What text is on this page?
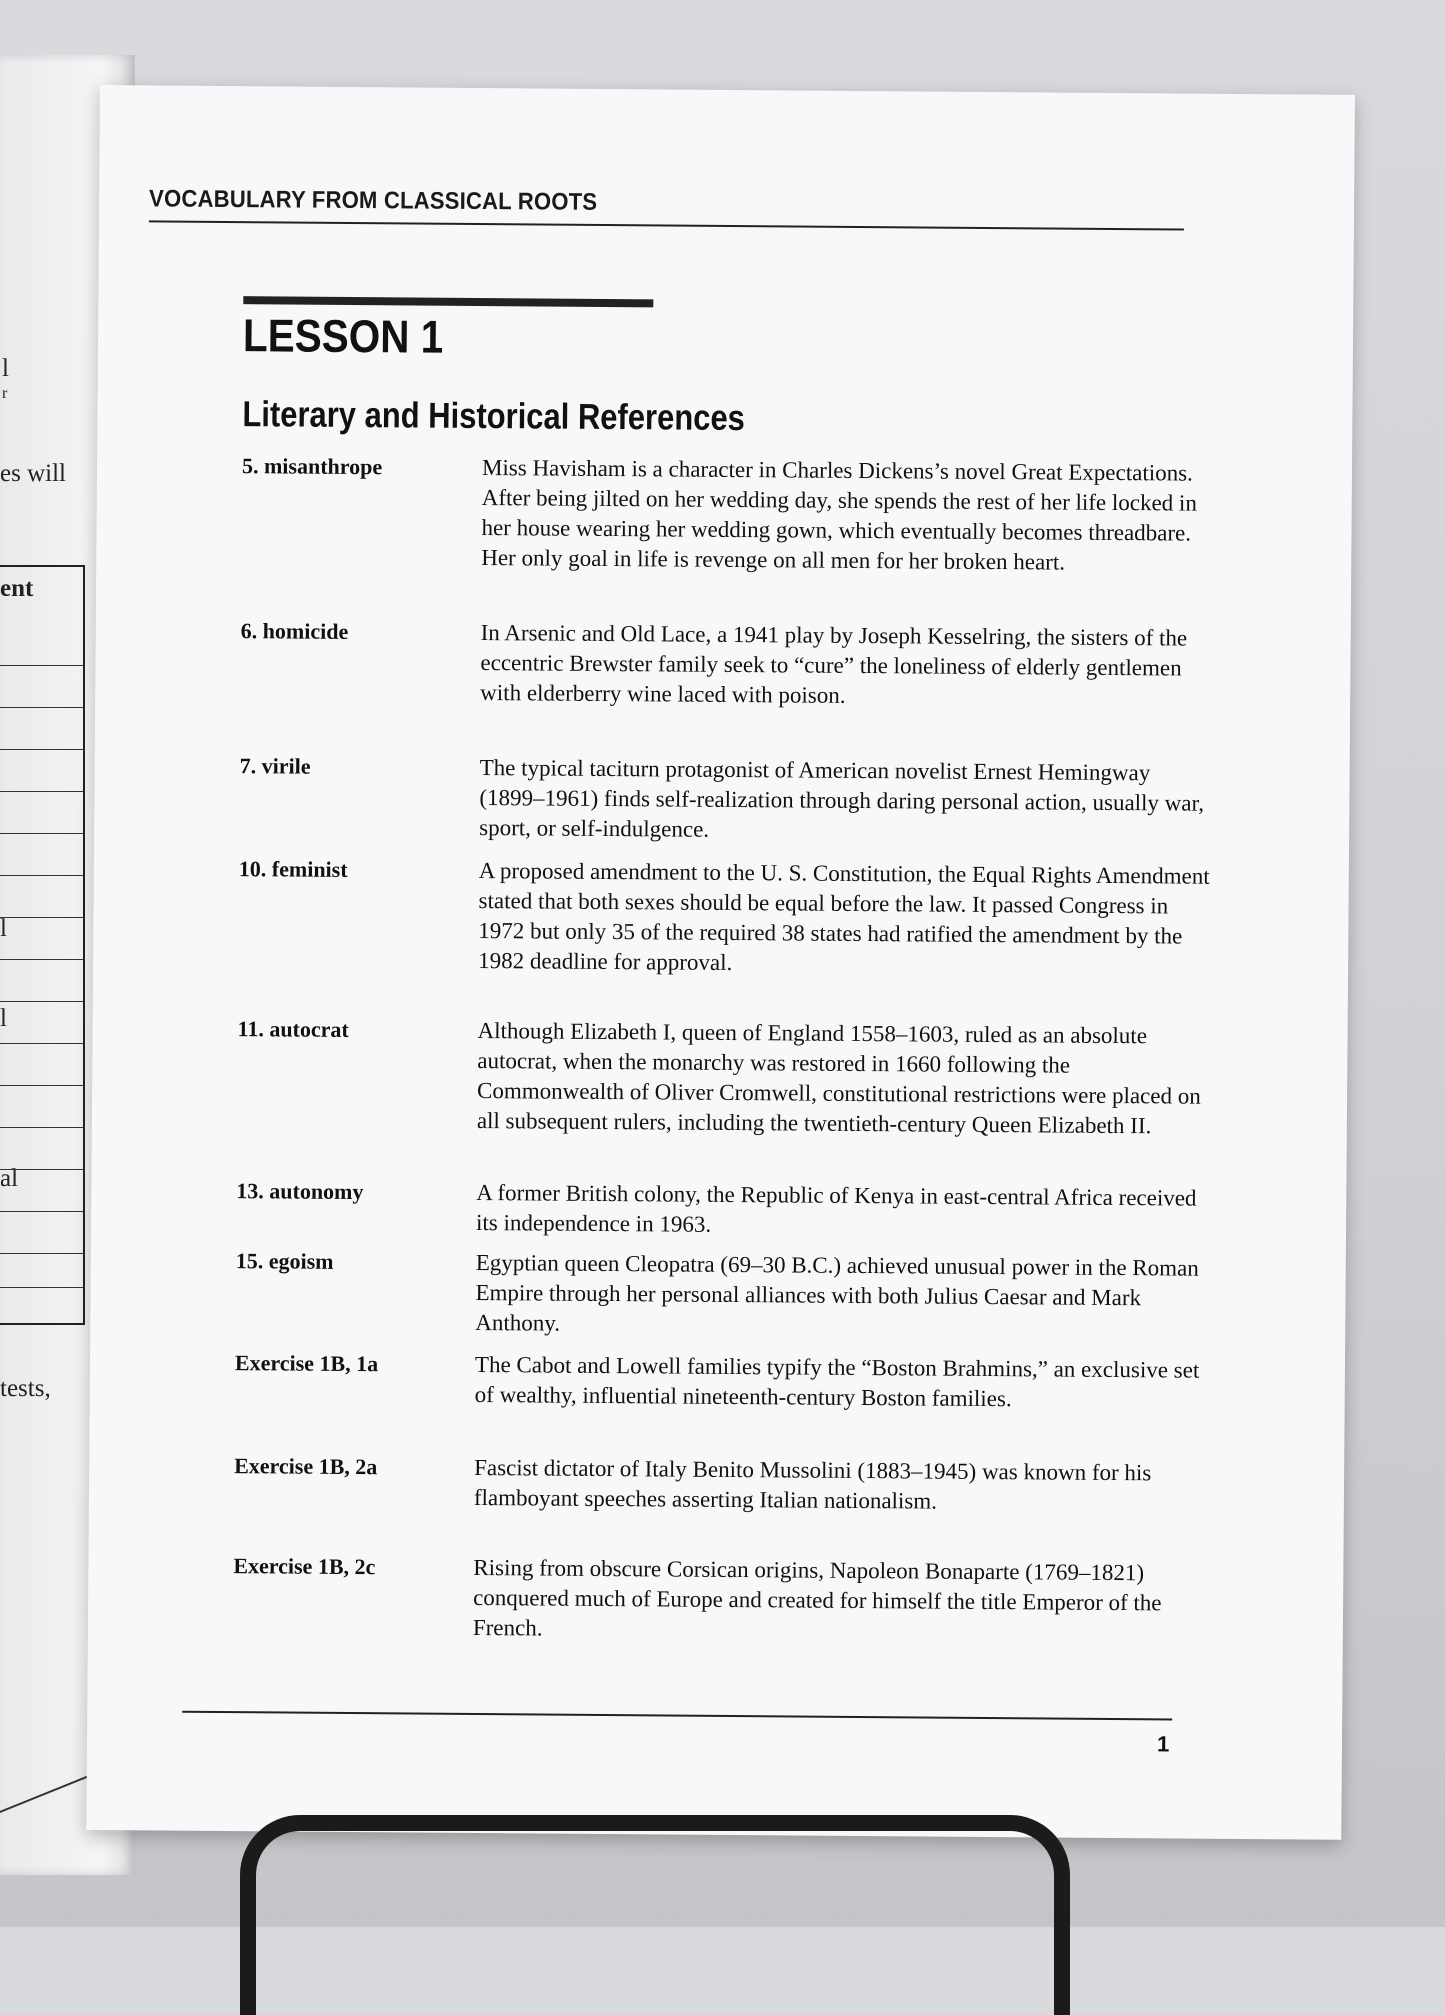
l
r
es will
ent
l
l
al
tests,
VOCABULARY FROM CLASSICAL ROOTS
LESSON 1
Literary and Historical References
5. misanthrope	Miss Havisham is a character in Charles Dickens’s novel Great Expectations. After being jilted on her wedding day, she spends the rest of her life locked in her house wearing her wedding gown, which eventually becomes threadbare. Her only goal in life is revenge on all men for her broken heart.
6. homicide	In Arsenic and Old Lace, a 1941 play by Joseph Kesselring, the sisters of the eccentric Brewster family seek to “cure” the loneliness of elderly gentlemen with elderberry wine laced with poison.
7. virile	The typical taciturn protagonist of American novelist Ernest Hemingway (1899–1961) finds self-realization through daring personal action, usually war, sport, or self-indulgence.
10. feminist	A proposed amendment to the U. S. Constitution, the Equal Rights Amendment stated that both sexes should be equal before the law. It passed Congress in 1972 but only 35 of the required 38 states had ratified the amendment by the 1982 deadline for approval.
11. autocrat	Although Elizabeth I, queen of England 1558–1603, ruled as an absolute autocrat, when the monarchy was restored in 1660 following the Commonwealth of Oliver Cromwell, constitutional restrictions were placed on all subsequent rulers, including the twentieth-century Queen Elizabeth II.
13. autonomy	A former British colony, the Republic of Kenya in east-central Africa received its independence in 1963.
15. egoism	Egyptian queen Cleopatra (69–30 B.C.) achieved unusual power in the Roman Empire through her personal alliances with both Julius Caesar and Mark Anthony.
Exercise 1B, 1a	The Cabot and Lowell families typify the “Boston Brahmins,” an exclusive set of wealthy, influential nineteenth-century Boston families.
Exercise 1B, 2a	Fascist dictator of Italy Benito Mussolini (1883–1945) was known for his flamboyant speeches asserting Italian nationalism.
Exercise 1B, 2c	Rising from obscure Corsican origins, Napoleon Bonaparte (1769–1821) conquered much of Europe and created for himself the title Emperor of the French.
1
